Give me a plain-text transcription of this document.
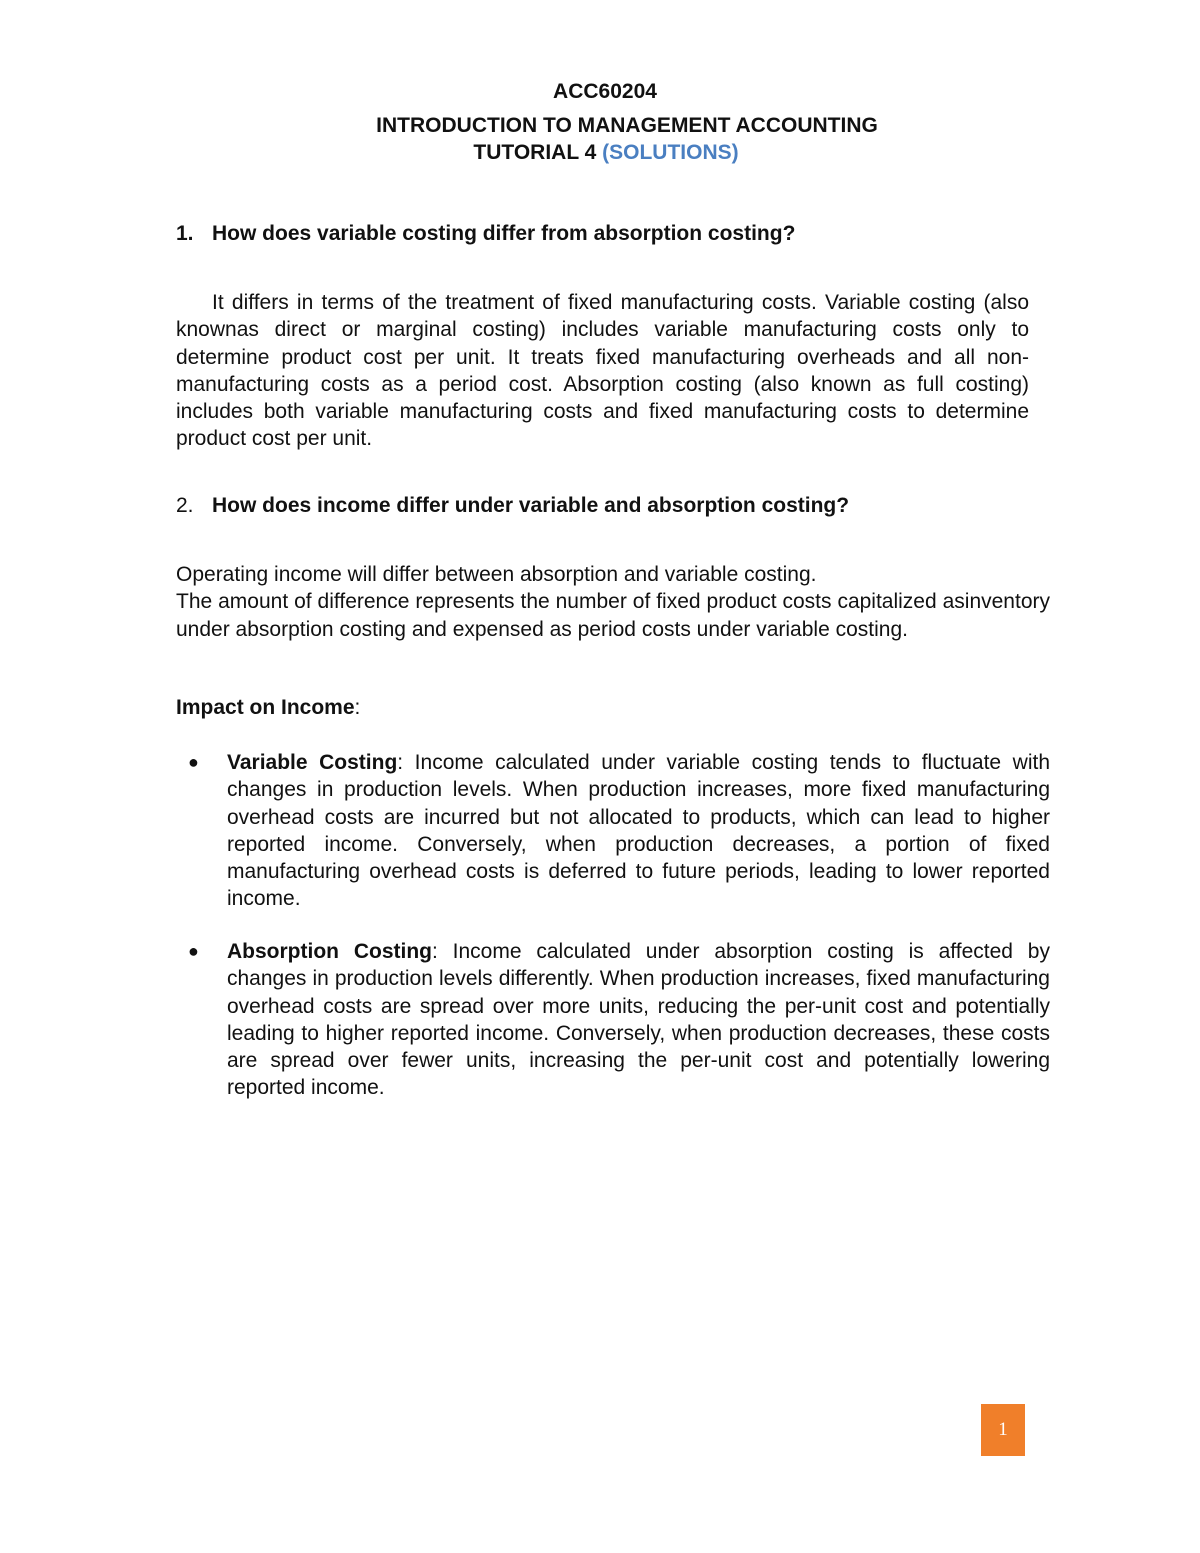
ACC60204
INTRODUCTION TO MANAGEMENT ACCOUNTING
TUTORIAL 4 (SOLUTIONS)
1. How does variable costing differ from absorption costing?
It differs in terms of the treatment of fixed manufacturing costs. Variable costing (also knownas direct or marginal costing) includes variable manufacturing costs only to determine product cost per unit. It treats fixed manufacturing overheads and all non-manufacturing costs as a period cost. Absorption costing (also known as full costing) includes both variable manufacturing costs and fixed manufacturing costs to determine product cost per unit.
2. How does income differ under variable and absorption costing?
Operating income will differ between absorption and variable costing.
The amount of difference represents the number of fixed product costs capitalized asinventory under absorption costing and expensed as period costs under variable costing.
Impact on Income:
● Variable Costing: Income calculated under variable costing tends to fluctuate with changes in production levels. When production increases, more fixed manufacturing overhead costs are incurred but not allocated to products, which can lead to higher reported income. Conversely, when production decreases, a portion of fixed manufacturing overhead costs is deferred to future periods, leading to lower reported income.
● Absorption Costing: Income calculated under absorption costing is affected by changes in production levels differently. When production increases, fixed manufacturing overhead costs are spread over more units, reducing the per-unit cost and potentially leading to higher reported income. Conversely, when production decreases, these costs are spread over fewer units, increasing the per-unit cost and potentially lowering reported income.
1
